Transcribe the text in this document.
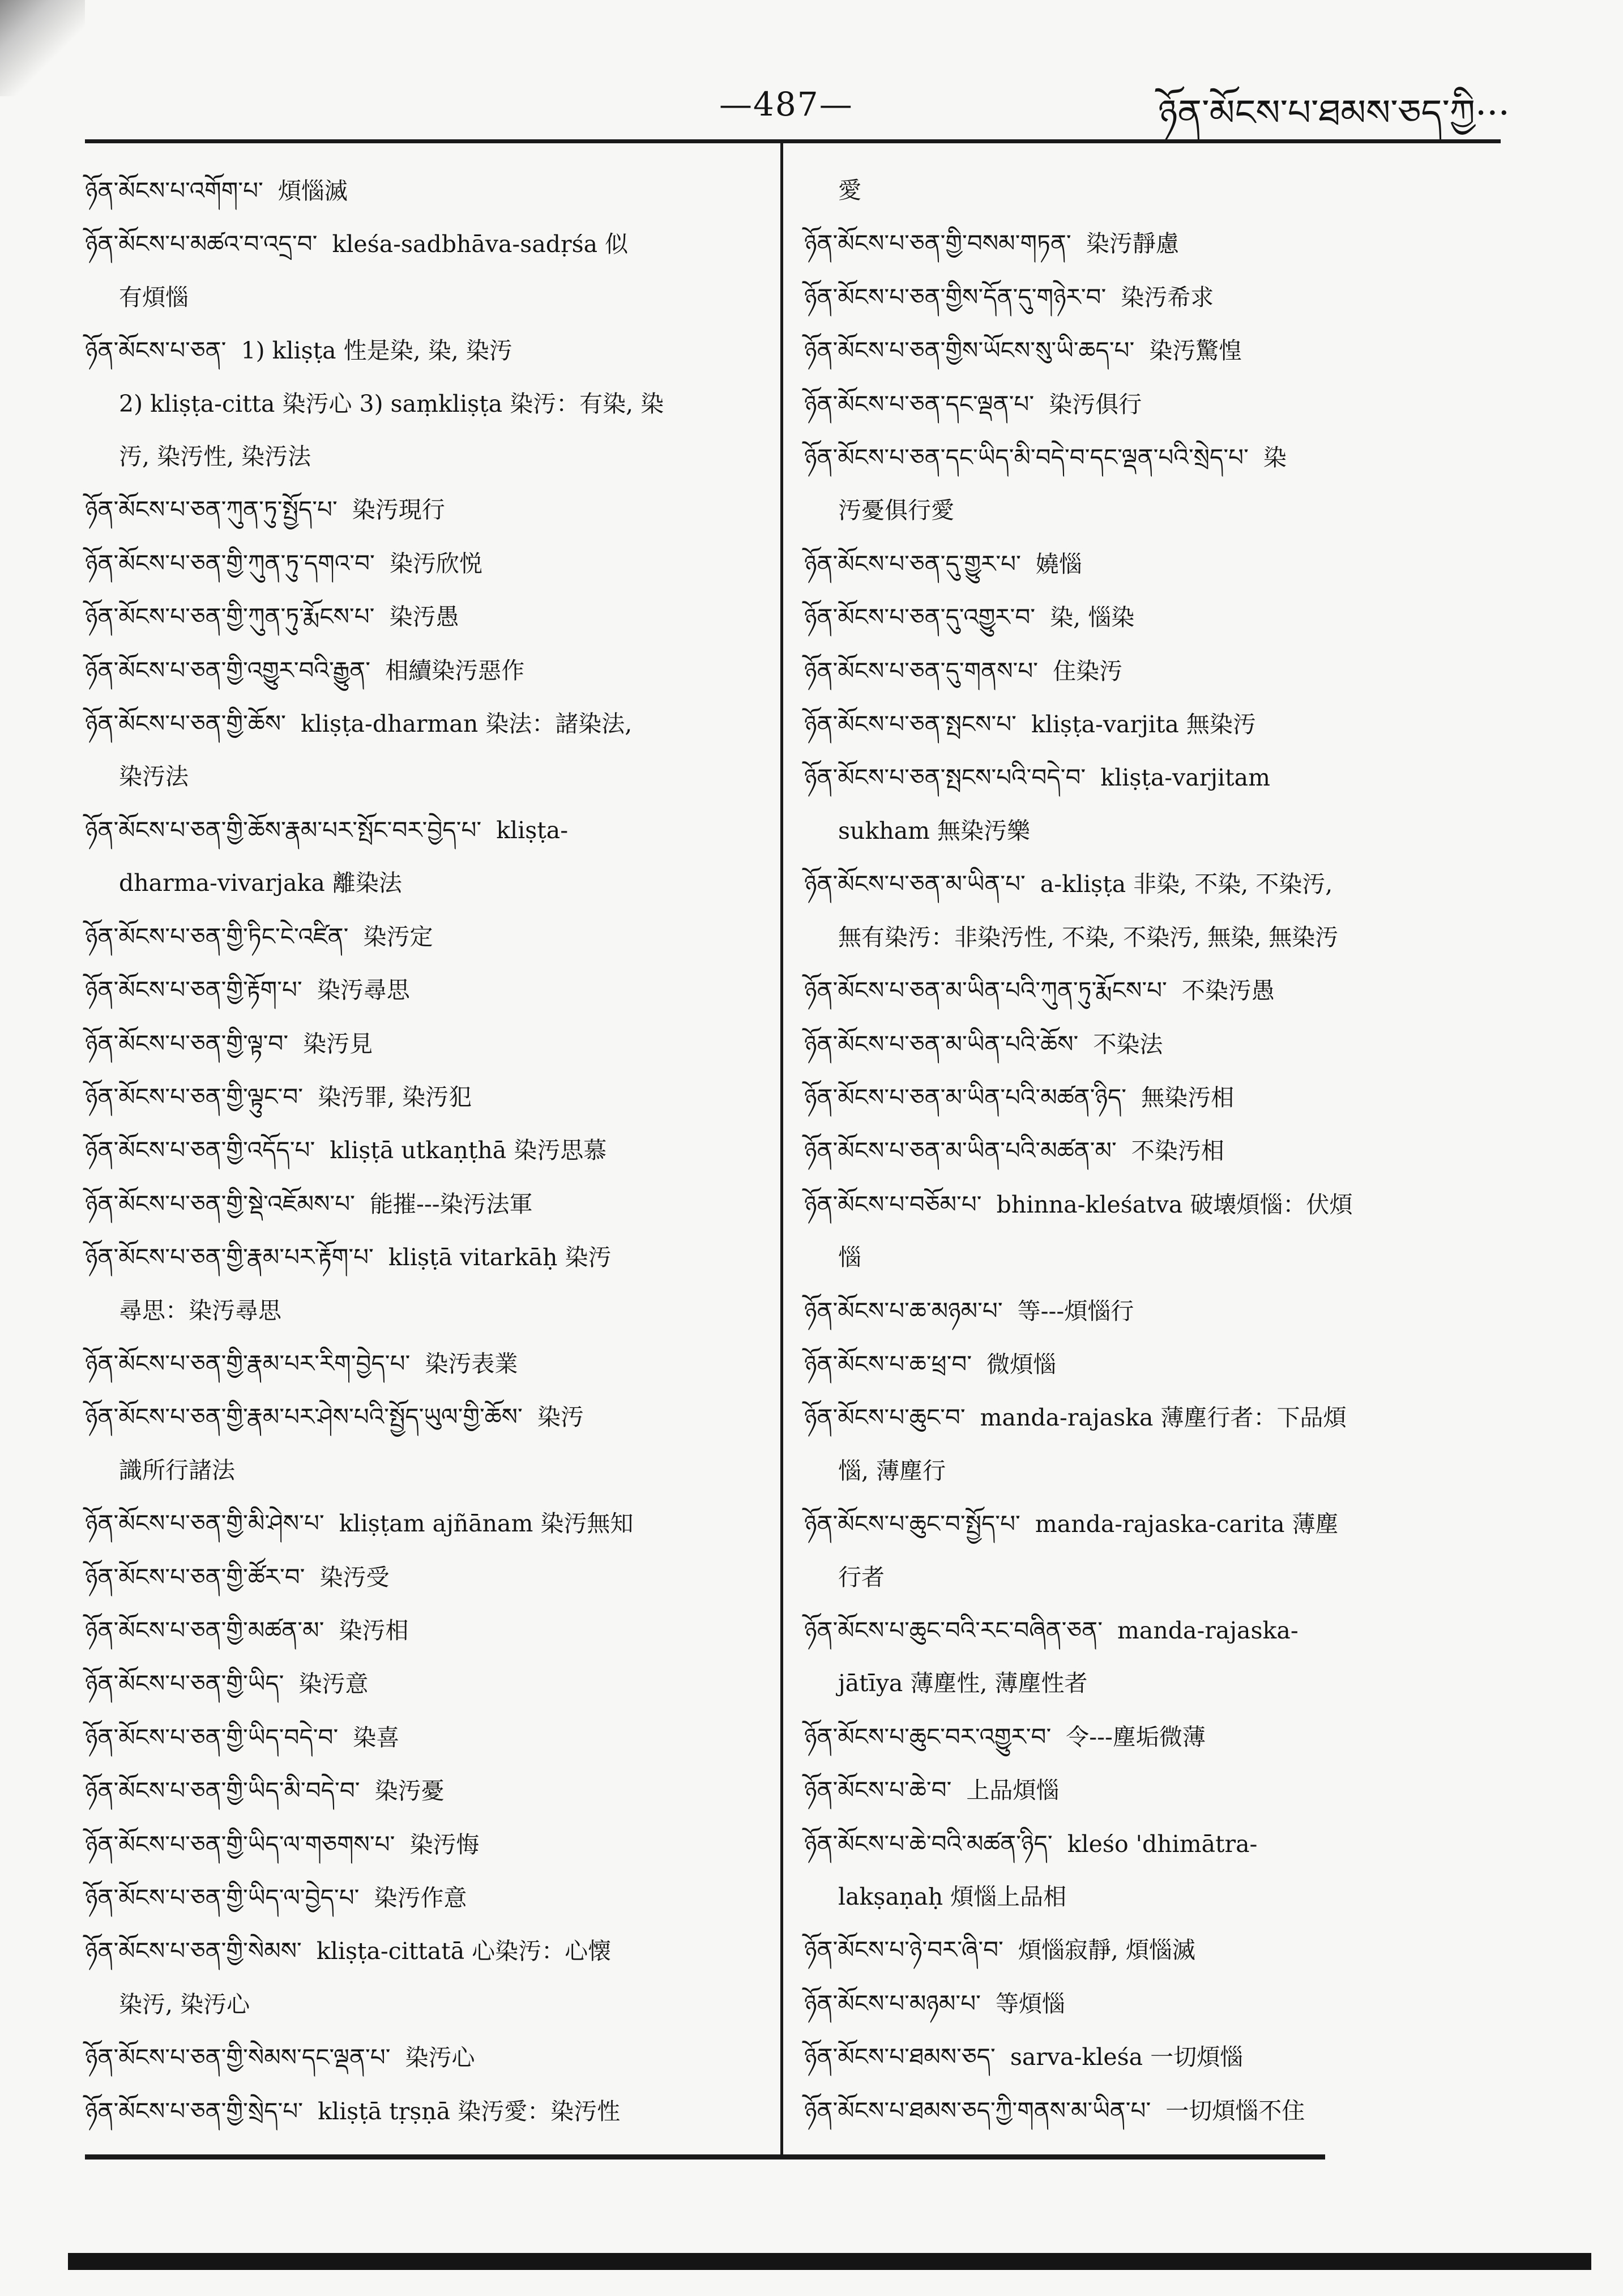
—487—	ཉོན་མོངས་པ་ཐམས་ཅད་ཀྱི···
ཉོན་མོངས་པ་འགོག་པ་ 煩惱滅
ཉོན་མོངས་པ་མཚའ་བ་འདྲ་བ་ kleśa-sadbhāva-sadṛśa 似
有煩惱
ཉོན་མོངས་པ་ཅན་ 1) kliṣṭa 性是染, 染, 染汚
2) kliṣṭa-citta 染汚心 3) saṃkliṣṭa 染汚：有染, 染
汚, 染汚性, 染汚法
ཉོན་མོངས་པ་ཅན་ཀུན་ཏུ་སྤྱོད་པ་ 染汚現行
ཉོན་མོངས་པ་ཅན་གྱི་ཀུན་ཏུ་དགའ་བ་ 染汚欣悦
ཉོན་མོངས་པ་ཅན་གྱི་ཀུན་ཏུ་རྨོངས་པ་ 染汚愚
ཉོན་མོངས་པ་ཅན་གྱི་འགྱུར་བའི་རྒྱུན་ 相續染汚惡作
ཉོན་མོངས་པ་ཅན་གྱི་ཆོས་ kliṣṭa-dharman 染法：諸染法,
染汚法
ཉོན་མོངས་པ་ཅན་གྱི་ཆོས་རྣམ་པར་སྤོང་བར་བྱེད་པ་ kliṣṭa-
dharma-vivarjaka 離染法
ཉོན་མོངས་པ་ཅན་གྱི་ཏིང་ངེ་འཛིན་ 染汚定
ཉོན་མོངས་པ་ཅན་གྱི་རྟོག་པ་ 染汚尋思
ཉོན་མོངས་པ་ཅན་གྱི་ལྟ་བ་ 染汚見
ཉོན་མོངས་པ་ཅན་གྱི་ལྟུང་བ་ 染汚罪, 染汚犯
ཉོན་མོངས་པ་ཅན་གྱི་འདོད་པ་ kliṣṭā utkaṇṭhā 染汚思慕
ཉོན་མོངས་པ་ཅན་གྱི་སྡེ་འཇོམས་པ་ 能摧---染汚法軍
ཉོན་མོངས་པ་ཅན་གྱི་རྣམ་པར་རྟོག་པ་ kliṣṭā vitarkāḥ 染汚
尋思：染汚尋思
ཉོན་མོངས་པ་ཅན་གྱི་རྣམ་པར་རིག་བྱེད་པ་ 染汚表業
ཉོན་མོངས་པ་ཅན་གྱི་རྣམ་པར་ཤེས་པའི་སྤྱོད་ཡུལ་གྱི་ཆོས་ 染汚
識所行諸法
ཉོན་མོངས་པ་ཅན་གྱི་མི་ཤེས་པ་ kliṣṭam ajñānam 染汚無知
ཉོན་མོངས་པ་ཅན་གྱི་ཚོར་བ་ 染汚受
ཉོན་མོངས་པ་ཅན་གྱི་མཚན་མ་ 染汚相
ཉོན་མོངས་པ་ཅན་གྱི་ཡིད་ 染汚意
ཉོན་མོངས་པ་ཅན་གྱི་ཡིད་བདེ་བ་ 染喜
ཉོན་མོངས་པ་ཅན་གྱི་ཡིད་མི་བདེ་བ་ 染汚憂
ཉོན་མོངས་པ་ཅན་གྱི་ཡིད་ལ་གཅགས་པ་ 染汚悔
ཉོན་མོངས་པ་ཅན་གྱི་ཡིད་ལ་བྱེད་པ་ 染汚作意
ཉོན་མོངས་པ་ཅན་གྱི་སེམས་ kliṣṭa-cittatā 心染汚：心懐
染汚, 染汚心
ཉོན་མོངས་པ་ཅན་གྱི་སེམས་དང་ལྡན་པ་ 染汚心
ཉོན་མོངས་པ་ཅན་གྱི་སྲེད་པ་ kliṣṭā tṛṣṇā 染汚愛：染汚性
愛
ཉོན་མོངས་པ་ཅན་གྱི་བསམ་གཏན་ 染汚靜慮
ཉོན་མོངས་པ་ཅན་གྱིས་དོན་དུ་གཉེར་བ་ 染汚希求
ཉོན་མོངས་པ་ཅན་གྱིས་ཡོངས་སུ་ཡི་ཆད་པ་ 染汚驚惶
ཉོན་མོངས་པ་ཅན་དང་ལྡན་པ་ 染汚俱行
ཉོན་མོངས་པ་ཅན་དང་ཡིད་མི་བདེ་བ་དང་ལྡན་པའི་སྲེད་པ་ 染
汚憂俱行愛
ཉོན་མོངས་པ་ཅན་དུ་གྱུར་པ་ 嬈惱
ཉོན་མོངས་པ་ཅན་དུ་འགྱུར་བ་ 染, 惱染
ཉོན་མོངས་པ་ཅན་དུ་གནས་པ་ 住染汚
ཉོན་མོངས་པ་ཅན་སྤངས་པ་ kliṣṭa-varjita 無染汚
ཉོན་མོངས་པ་ཅན་སྤངས་པའི་བདེ་བ་ kliṣṭa-varjitam
sukham 無染汚樂
ཉོན་མོངས་པ་ཅན་མ་ཡིན་པ་ a-kliṣṭa 非染, 不染, 不染汚,
無有染汚：非染汚性, 不染, 不染汚, 無染, 無染汚
ཉོན་མོངས་པ་ཅན་མ་ཡིན་པའི་ཀུན་ཏུ་རྨོངས་པ་ 不染汚愚
ཉོན་མོངས་པ་ཅན་མ་ཡིན་པའི་ཆོས་ 不染法
ཉོན་མོངས་པ་ཅན་མ་ཡིན་པའི་མཚན་ཉིད་ 無染汚相
ཉོན་མོངས་པ་ཅན་མ་ཡིན་པའི་མཚན་མ་ 不染汚相
ཉོན་མོངས་པ་བཅོམ་པ་ bhinna-kleśatva 破壊煩惱：伏煩
惱
ཉོན་མོངས་པ་ཆ་མཉམ་པ་ 等---煩惱行
ཉོན་མོངས་པ་ཆ་ཕྲ་བ་ 微煩惱
ཉོན་མོངས་པ་ཆུང་བ་ manda-rajaska 薄塵行者：下品煩
惱, 薄塵行
ཉོན་མོངས་པ་ཆུང་བ་སྤྱོད་པ་ manda-rajaska-carita 薄塵
行者
ཉོན་མོངས་པ་ཆུང་བའི་རང་བཞིན་ཅན་ manda-rajaska-
jātīya 薄塵性, 薄塵性者
ཉོན་མོངས་པ་ཆུང་བར་འགྱུར་བ་ 令---塵垢微薄
ཉོན་མོངས་པ་ཆེ་བ་ 上品煩惱
ཉོན་མོངས་པ་ཆེ་བའི་མཚན་ཉིད་ kleśo 'dhimātra-
lakṣaṇaḥ 煩惱上品相
ཉོན་མོངས་པ་ཉེ་བར་ཞི་བ་ 煩惱寂靜, 煩惱滅
ཉོན་མོངས་པ་མཉམ་པ་ 等煩惱
ཉོན་མོངས་པ་ཐམས་ཅད་ sarva-kleśa 一切煩惱
ཉོན་མོངས་པ་ཐམས་ཅད་ཀྱི་གནས་མ་ཡིན་པ་ 一切煩惱不住
